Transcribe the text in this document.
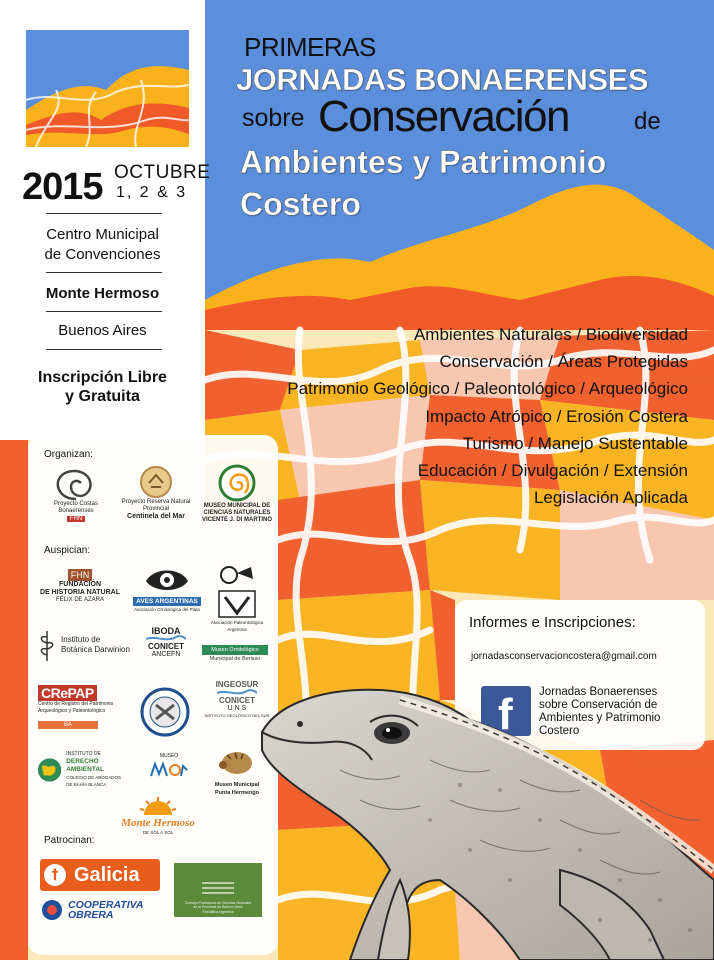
2015 OCTUBRE
1, 2 & 3
Centro Municipal
de Convenciones
Monte Hermoso
Buenos Aires
Inscripción Libre
y Gratuita
PRIMERAS
JORNADAS BONAERENSES
sobre Conservación	de
Ambientes y Patrimonio
Costero
Ambientes Naturales / Biodiversidad
Conservación / Áreas Protegidas
Patrimonio Geológico / Paleontológico / Arqueológico
Impacto Atrópico / Erosión Costera
Turismo / Manejo Sustentable
Educación / Divulgación / Extensión
Legislación Aplicada
Organizan:
Proyecto Costas Bonaerenses
FHN
Proyecto Reserva Natural Provincial
Centinela del Mar
MUSEO MUNICIPAL DE
CIENCIAS NATURALES
VICENTE J. DI MARTINO
Auspician:
FHN
FUNDACIÓN
DE HISTORIA NATURAL
FÉLIX DE AZARA	AVES ARGENTINAS
Asociación Ornitológica del Plata
Asociación Paleontológica Argentina
Instituto de
Botánica Darwinion
IBODA
CONICET
ANCEFN
Museo Ornitológico
Municipal de Berisso
CRePAP
Centro de Registro del Patrimonio
Arqueológico y Paleontológico
BA
INGEOSUR
CONICET
U N S
INSTITUTO GEOLÓGICO DEL SUR
INSTITUTO DE
DERECHO AMBIENTAL
COLEGIO DE ABOGADOS
DE BAHÍA BLANCA
MUSEO
Museo Municipal
Punta Hermengo
Monte Hermoso
DE SOL A SOL
Patrocinan:
† Galicia
COOPERATIVA
OBRERA
Consejo Profesional de Ciencias Naturales
de la Provincia de Buenos Aires
República Argentina
Informes e Inscripciones:
jornadasconservacioncostera@gmail.com
f Jornadas Bonaerenses
sobre Conservación de
Ambientes y Patrimonio
Costero
